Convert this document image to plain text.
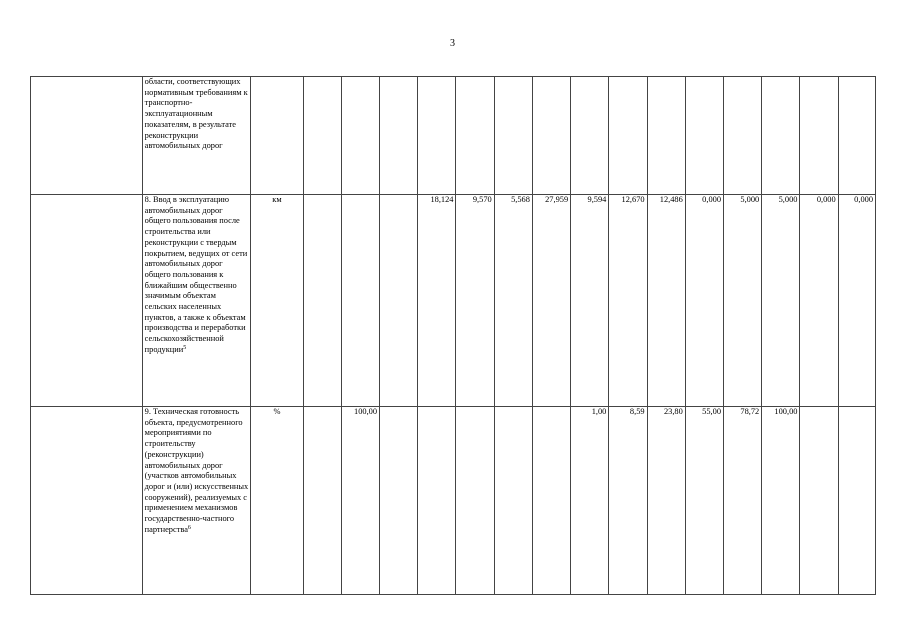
3
	области, соответствующих нормативным требованиям к транспортно-эксплуатационным показателям, в результате реконструкции автомобильных дорог																
	8. Ввод в эксплуатацию автомобильных дорог общего пользования после строительства или реконструкции с твердым покрытием, ведущих от сети автомобильных дорог общего пользования к ближайшим общественно значимым объектам сельских населенных пунктов, а также к объектам производства и переработки сельскохозяйственной продукции$^5$	км				18,124	9,570	5,568	27,959	9,594	12,670	12,486	0,000	5,000	5,000	0,000	0,000
	9. Техническая готовность объекта, предусмотренного мероприятиями по строительству (реконструкции) автомобильных дорог (участков автомобильных дорог и (или) искусственных сооружений), реализуемых с применением механизмов государственно-частного партнерства$^6$	%		100,00						1,00	8,59	23,80	55,00	78,72	100,00		
